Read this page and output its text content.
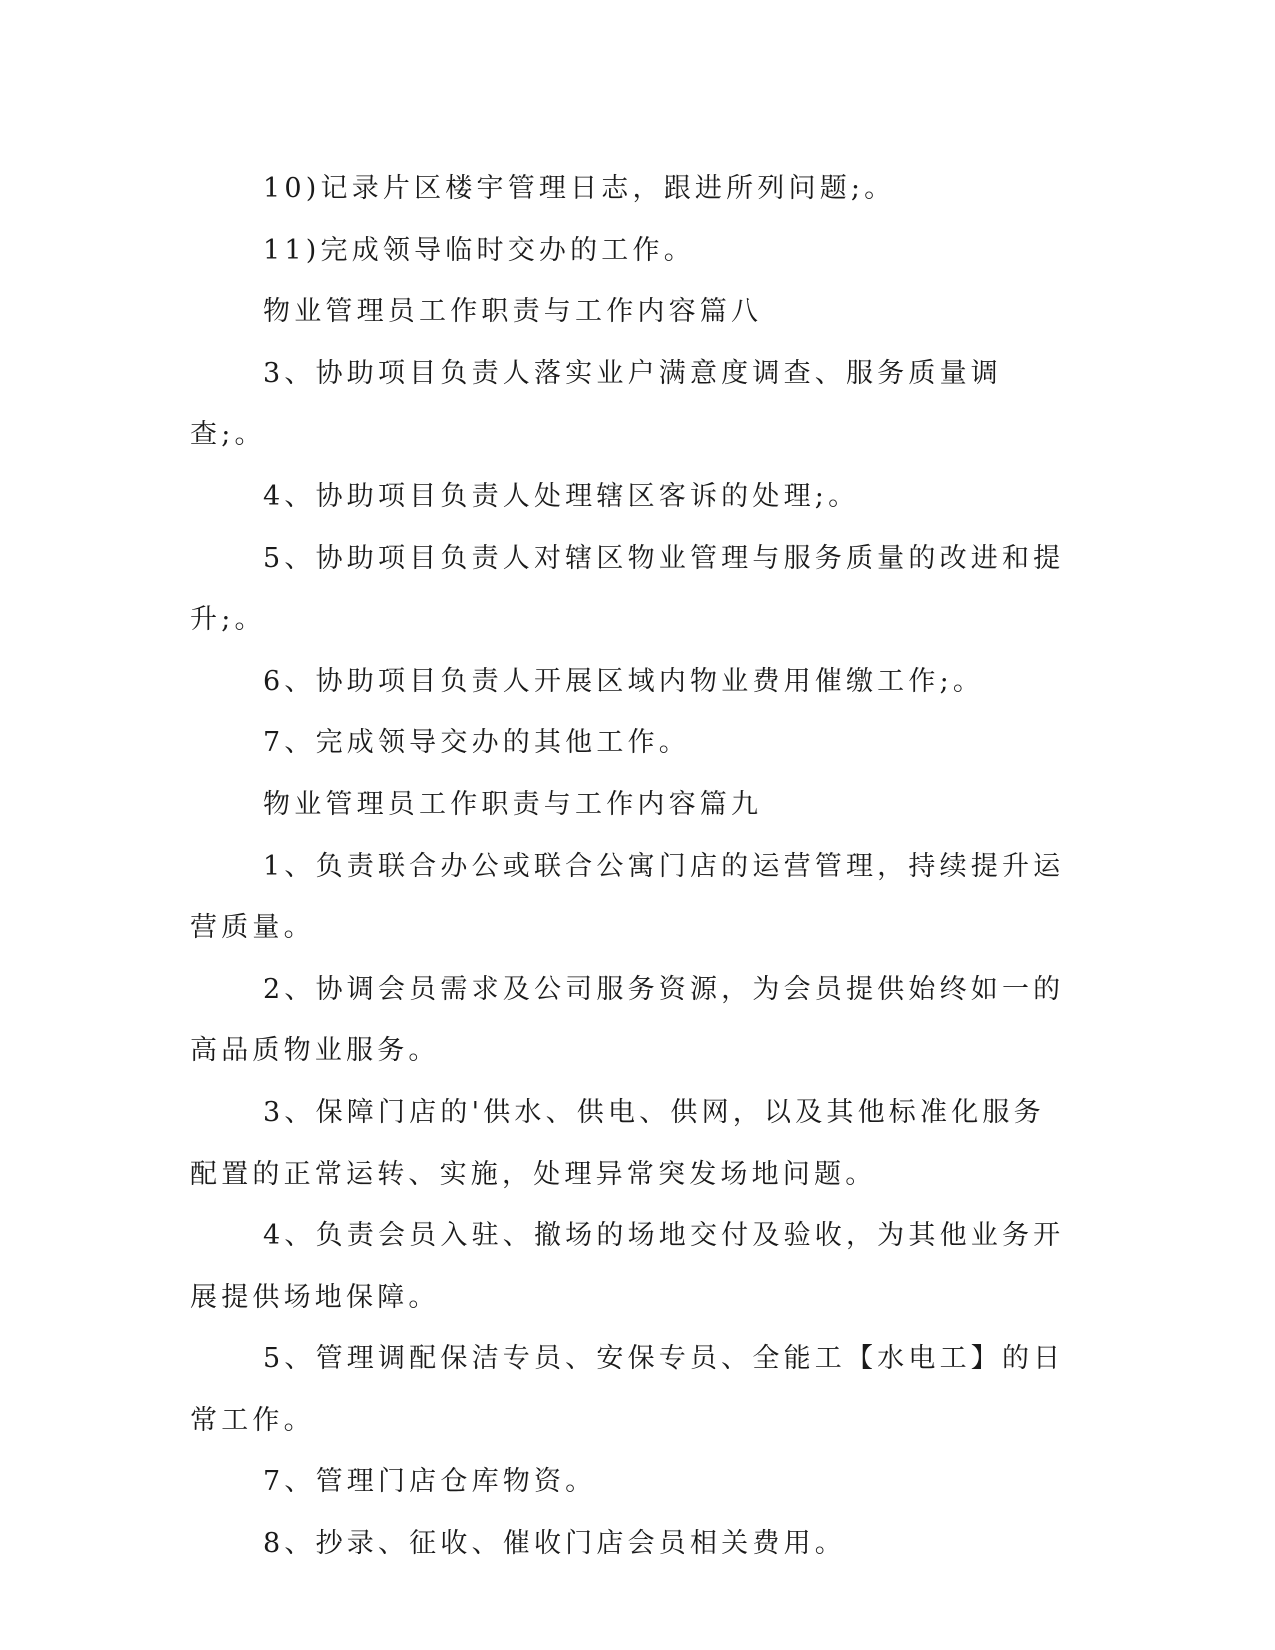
10)记录片区楼宇管理日志，跟进所列问题;。

11)完成领导临时交办的工作。

物业管理员工作职责与工作内容篇八

3、协助项目负责人落实业户满意度调查、服务质量调查;。

4、协助项目负责人处理辖区客诉的处理;。

5、协助项目负责人对辖区物业管理与服务质量的改进和提升;。

6、协助项目负责人开展区域内物业费用催缴工作;。

7、完成领导交办的其他工作。

物业管理员工作职责与工作内容篇九

1、负责联合办公或联合公寓门店的运营管理，持续提升运营质量。

2、协调会员需求及公司服务资源，为会员提供始终如一的高品质物业服务。

3、保障门店的'供水、供电、供网，以及其他标准化服务配置的正常运转、实施，处理异常突发场地问题。

4、负责会员入驻、撤场的场地交付及验收，为其他业务开展提供场地保障。

5、管理调配保洁专员、安保专员、全能工【水电工】的日常工作。

7、管理门店仓库物资。

8、抄录、征收、催收门店会员相关费用。
